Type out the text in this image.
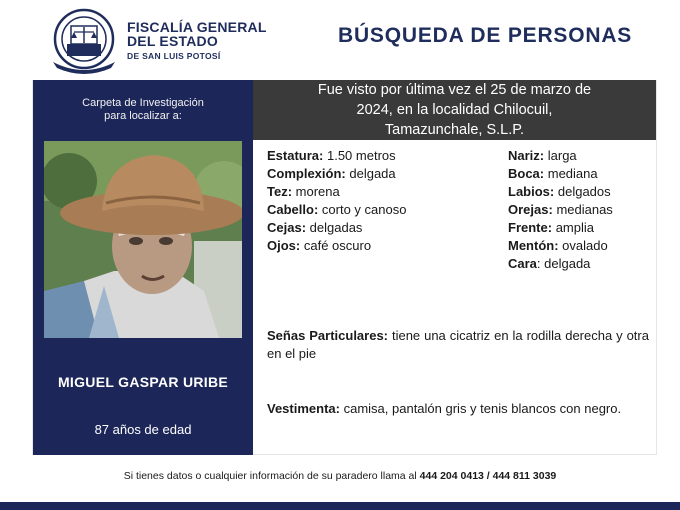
FISCALÍA GENERAL
DEL ESTADO
DE SAN LUIS POTOSÍ
BÚSQUEDA DE PERSONAS
Carpeta de Investigación
para localizar a:
MIGUEL GASPAR URIBE
87 años de edad
Fue visto por última vez el 25 de marzo de
2024, en la localidad Chilocuil,
Tamazunchale, S.L.P.
Estatura: 1.50 metros
Complexión: delgada
Tez: morena
Cabello: corto y canoso
Cejas: delgadas
Ojos: café oscuro
Nariz: larga
Boca: mediana
Labios: delgados
Orejas: medianas
Frente: amplia
Mentón: ovalado
Cara: delgada
Señas Particulares: tiene una cicatriz en la rodilla derecha y otra en el pie
Vestimenta: camisa, pantalón gris y tenis blancos con negro.
Si tienes datos o cualquier información de su paradero llama al 444 204 0413 / 444 811 3039
